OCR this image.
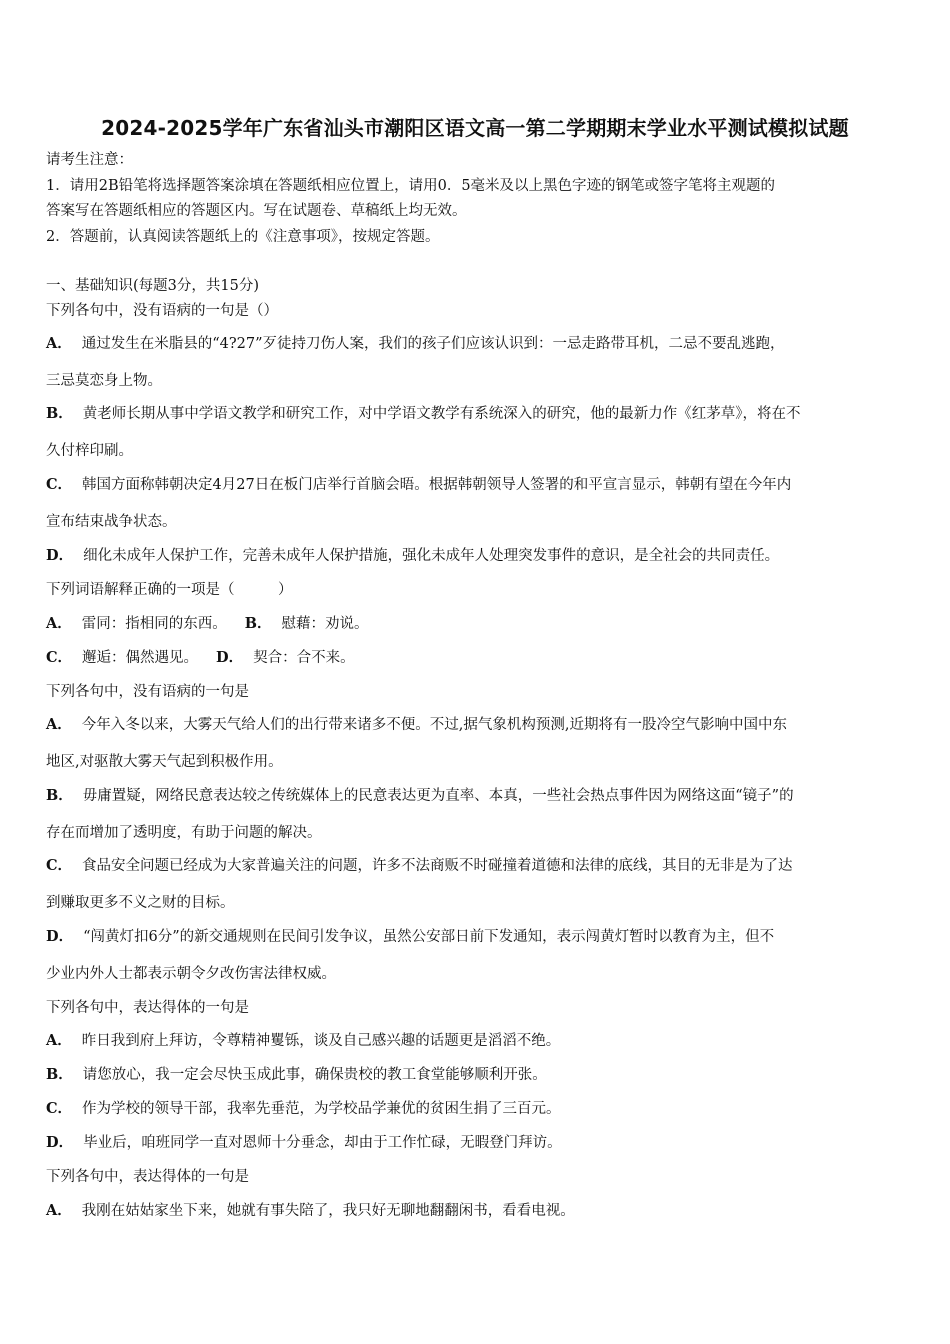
2024-2025学年广东省汕头市潮阳区语文高一第二学期期末学业水平测试模拟试题
请考生注意：
1．请用2B铅笔将选择题答案涂填在答题纸相应位置上，请用0．5毫米及以上黑色字迹的钢笔或签字笔将主观题的
答案写在答题纸相应的答题区内。写在试题卷、草稿纸上均无效。
2．答题前，认真阅读答题纸上的《注意事项》，按规定答题。
一、基础知识(每题3分，共15分)
下列各句中，没有语病的一句是（）
A． 通过发生在米脂县的“4?27”歹徒持刀伤人案，我们的孩子们应该认识到：一忌走路带耳机，二忌不要乱逃跑，
三忌莫恋身上物。
B． 黄老师长期从事中学语文教学和研究工作，对中学语文教学有系统深入的研究，他的最新力作《红茅草》，将在不
久付梓印刷。
C． 韩国方面称韩朝决定4月27日在板门店举行首脑会晤。根据韩朝领导人签署的和平宣言显示，韩朝有望在今年内
宣布结束战争状态。
D． 细化未成年人保护工作，完善未成年人保护措施，强化未成年人处理突发事件的意识，是全社会的共同责任。
下列词语解释正确的一项是（　　　）
A． 雷同：指相同的东西。 B． 慰藉：劝说。
C． 邂逅：偶然遇见。 D． 契合：合不来。
下列各句中，没有语病的一句是
A． 今年入冬以来，大雾天气给人们的出行带来诸多不便。不过,据气象机构预测,近期将有一股冷空气影响中国中东
地区,对驱散大雾天气起到积极作用。
B． 毋庸置疑，网络民意表达较之传统媒体上的民意表达更为直率、本真，一些社会热点事件因为网络这面“镜子”的
存在而增加了透明度，有助于问题的解决。
C． 食品安全问题已经成为大家普遍关注的问题，许多不法商贩不时碰撞着道德和法律的底线，其目的无非是为了达
到赚取更多不义之财的目标。
D． “闯黄灯扣6分”的新交通规则在民间引发争议，虽然公安部日前下发通知，表示闯黄灯暂时以教育为主，但不
少业内外人士都表示朝令夕改伤害法律权威。
下列各句中，表达得体的一句是
A． 昨日我到府上拜访，令尊精神矍铄，谈及自己感兴趣的话题更是滔滔不绝。
B． 请您放心，我一定会尽快玉成此事，确保贵校的教工食堂能够顺利开张。
C． 作为学校的领导干部，我率先垂范，为学校品学兼优的贫困生捐了三百元。
D． 毕业后，咱班同学一直对恩师十分垂念，却由于工作忙碌，无暇登门拜访。
下列各句中，表达得体的一句是
A． 我刚在姑姑家坐下来，她就有事失陪了，我只好无聊地翻翻闲书，看看电视。
